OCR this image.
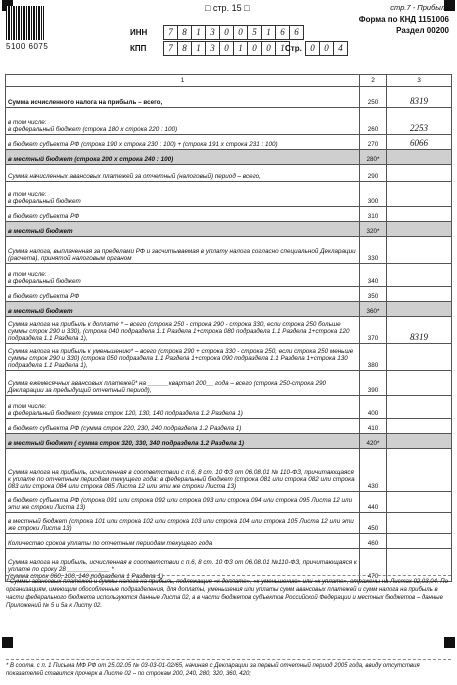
5100 6075
□ стр. 15 □	стр.7 - Прибыль
ИНН	7	8	1	3	0	0	5	1	6	6
КПП	7	8	1	3	0	1	0	0	1 Стр. 0	0	4
Форма по КНД 1151006
Раздел 00200
1	2	3
Сумма исчисленного налога на прибыль – всего,	250	8319
в том числе:
в федеральный бюджет (строка 180 х строка 220 : 100)	260	2253
в бюджет субъекта РФ (строка 190 х строка 230 : 100) + (строка 191 х строка 231 : 100)	270	6066
в местный бюджет (строка 200 х строка 240 : 100)	280*	
Сумма начисленных авансовых платежей за отчетный (налоговый) период – всего,	290	
в том числе:
в федеральный бюджет	300	
в бюджет субъекта РФ	310	
в местный бюджет	320*	
Сумма налога, выплаченная за пределами РФ и засчитываемая в уплату налога согласно специальной Декларации (расчета), принятой налоговым органом	330	
в том числе:
в федеральный бюджет	340	
в бюджет субъекта РФ	350	
в местный бюджет	360*	
Сумма налога на прибыль к доплате * – всего (строка 250 - строка 290 - строка 330, если строка 250 больше суммы строк 290 и 330), (строка 040 подраздела 1.1 Раздела 1+строка 080 подраздела 1.1 Раздела 1+строка 120 подраздела 1.1 Раздела 1),	370	8319
Сумма налога на прибыль к уменьшению* – всего (строка 290 + строка 330 - строка 250, если строка 250 меньше суммы строк 290 и 330) (строка 050 подраздела 1.1 Раздела 1+строка 090 подраздела 1.1 Раздела 1+строка 130 подраздела 1.1 Раздела 1),	380	
Сумма ежемесячных авансовых платежей* на ______квартал 200__ года – всего (строка 250-строка 290 Декларации за предыдущий отчетный период),	390	
в том числе:
в федеральный бюджет (сумма строк 120, 130, 140 подраздела 1.2 Раздела 1)	400	
в бюджет субъекта РФ (сумма строк 220, 230, 240 подраздела 1.2 Раздела 1)	410	
в местный бюджет ( сумма строк 320, 330, 340 подраздела 1.2 Раздела 1)	420*	
Сумма налога на прибыль, исчисленная в соответствии с п.6, 8 ст. 10 ФЗ от 06.08.01 № 110-ФЗ, причитающаяся к уплате по отчетным периодам текущего года: в федеральный бюджет (строка 081 или строка 082 или строка 083 или строка 084 или строка 085 Листа 12 или эти же строки Листа 13)	430	
в бюджет субъекта РФ (строка 091 или строка 092 или строка 093 или строка 094 или строка 095 Листа 12 или эти же строки Листа 13)	440	
в местный бюджет (строка 101 или строка 102 или строка 103 или строка 104 или строка 105 Листа 12 или эти же строки Листа 13)	450	
Количество сроков уплаты по отчетным периодам текущего года	460	
Сумма налога на прибыль, исчисленная в соответствии с п.6, 8 ст. 10 ФЗ от 06.08.01 №110-ФЗ, причитающаяся к уплате по сроку 28 ____________ *
(сумма строк 060, 100, 140 подраздела 1 Раздела 1)	470	
* Суммы авансовых платежей и суммы налога на прибыль, подлежащие «к доплате», «к уменьшению» или «к уплате», отражены на Листах 02,03,04. По организациям, имеющим обособленные подразделения, для доплаты, уменьшения или уплаты сумм авансовых платежей и сумм налога на прибыль в части федерального бюджета используются данные Листа 02, а в части бюджетов субъектов Российской Федерации и местных бюджетов – данные Приложений № 5 и 5а к Листу 02.
* В соотв. с п. 1 Письма МФ РФ от 25.02.05 № 03-03-01-02/65, начиная с Декларации за первый отчетный период 2005 года, ввиду отсутствия показателей ставится прочерк в Листе 02 – по строкам 200, 240, 280, 320, 360, 420;
